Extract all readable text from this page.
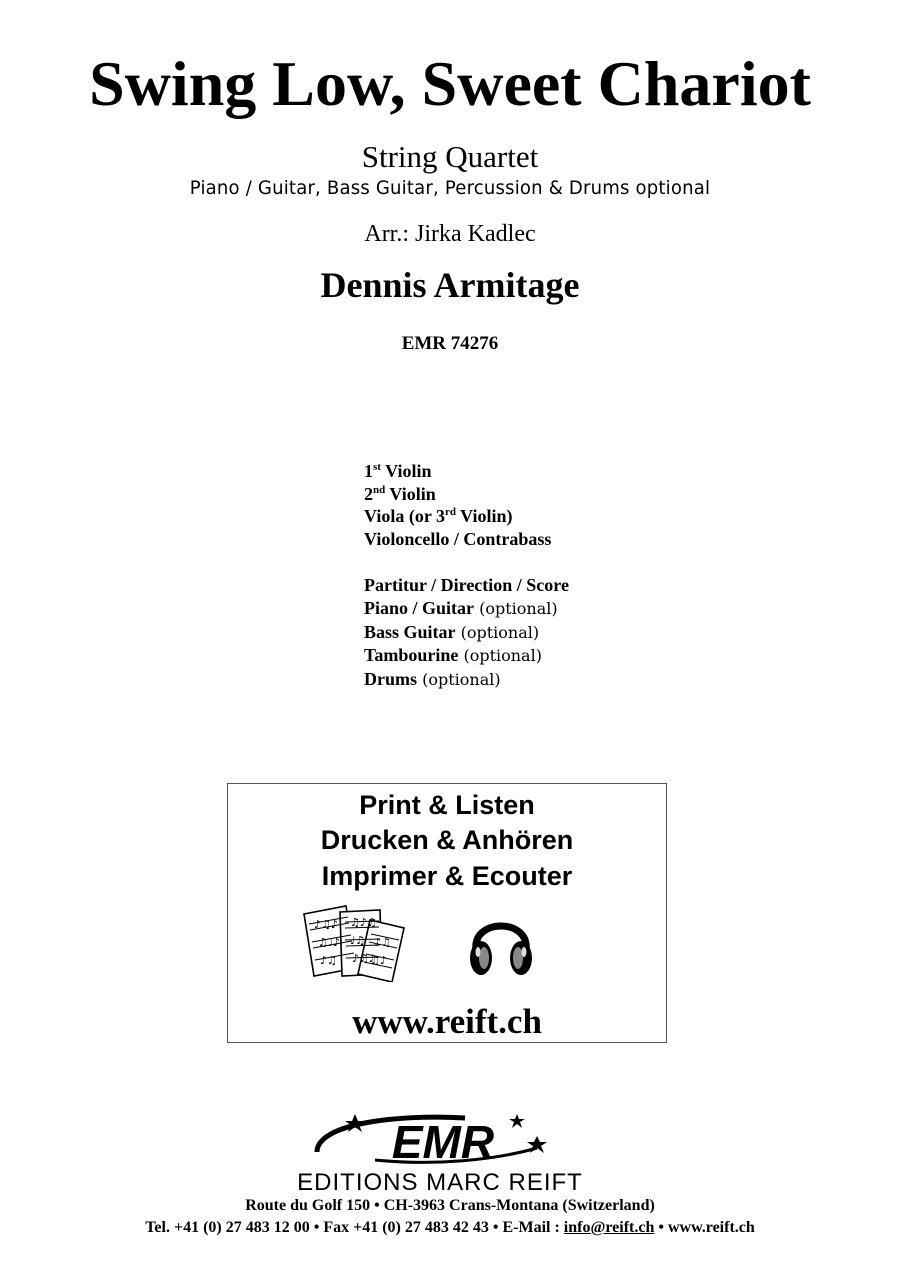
Swing Low, Sweet Chariot
String Quartet
Piano / Guitar, Bass Guitar, Percussion & Drums optional
Arr.: Jirka Kadlec
Dennis Armitage
EMR 74276
1st Violin
2nd Violin
Viola (or 3rd Violin)
Violoncello / Contrabass
Partitur / Direction / Score
Piano / Guitar (optional)
Bass Guitar (optional)
Tambourine (optional)
Drums (optional)
Print & Listen
Drucken & Anhören
Imprimer & Ecouter
♪♫♪
♫♩♪
♪♫
♫♪♫
♩♫
♪♫♩
♪♫
♫♪
www.reift.ch
EMR
EDITIONS MARC REIFT
Route du Golf 150 • CH-3963 Crans-Montana (Switzerland)
Tel. +41 (0) 27 483 12 00 • Fax +41 (0) 27 483 42 43 • E-Mail : info@reift.ch • www.reift.ch
